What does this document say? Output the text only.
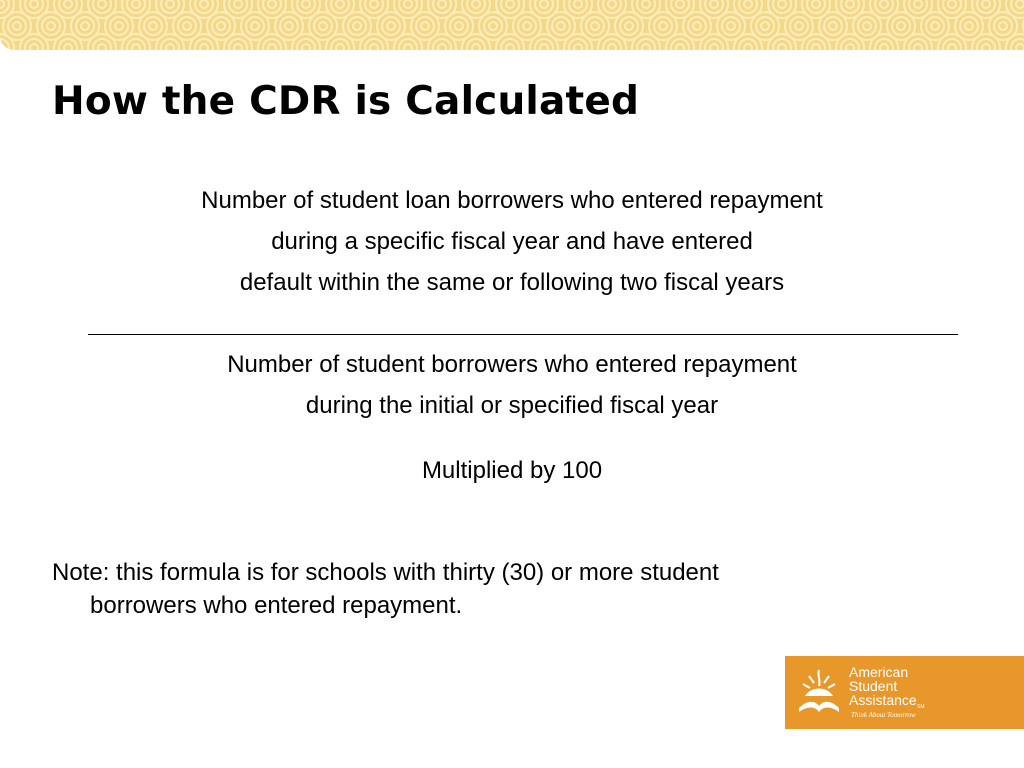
How the CDR is Calculated
Number of student loan borrowers who entered repayment
during a specific fiscal year and have entered
default within the same or following two fiscal years
Number of student borrowers who entered repayment
during the initial or specified fiscal year
Multiplied by 100
Note: this formula is for schools with thirty (30) or more student
borrowers who entered repayment.
American
Student
Assistance SM
Think About Tomorrow
